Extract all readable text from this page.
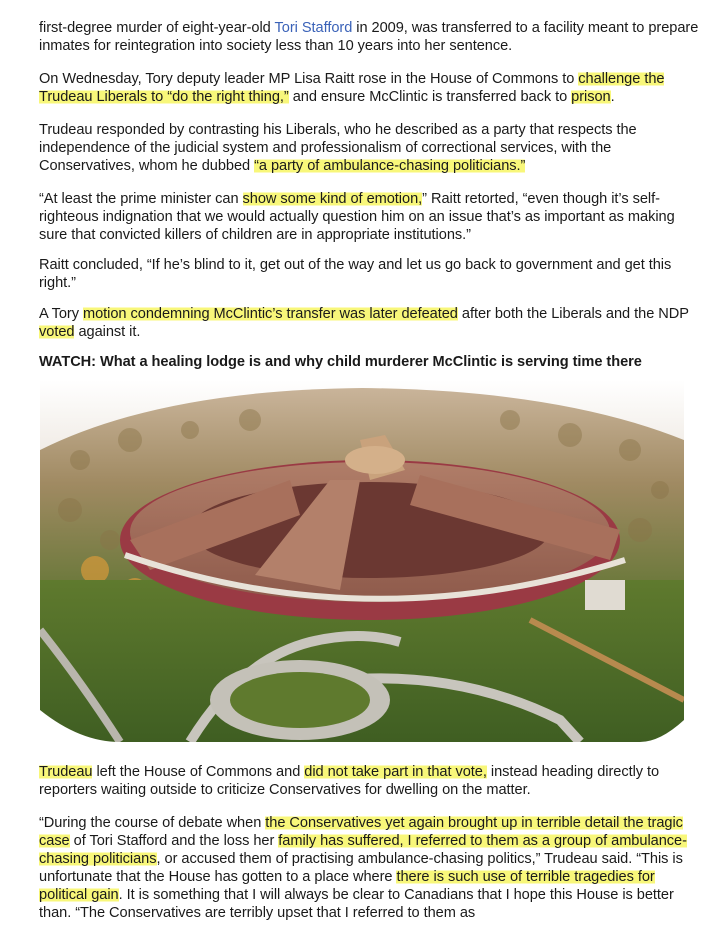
first-degree murder of eight-year-old Tori Stafford in 2009, was transferred to a facility meant to prepare inmates for reintegration into society less than 10 years into her sentence.

On Wednesday, Tory deputy leader MP Lisa Raitt rose in the House of Commons to challenge the Trudeau Liberals to “do the right thing,” and ensure McClintic is transferred back to prison.

Trudeau responded by contrasting his Liberals, who he described as a party that respects the independence of the judicial system and professionalism of correctional services, with the Conservatives, whom he dubbed “a party of ambulance-chasing politicians.”

“At least the prime minister can show some kind of emotion,” Raitt retorted, “even though it’s self-righteous indignation that we would actually question him on an issue that’s as important as making sure that convicted killers of children are in appropriate institutions.”

Raitt concluded, “If he’s blind to it, get out of the way and let us go back to government and get this right.”

A Tory motion condemning McClintic’s transfer was later defeated after both the Liberals and the NDP voted against it.

WATCH: What a healing lodge is and why child murderer McClintic is serving time there

Trudeau left the House of Commons and did not take part in that vote, instead heading directly to reporters waiting outside to criticize Conservatives for dwelling on the matter.

“During the course of debate when the Conservatives yet again brought up in terrible detail the tragic case of Tori Stafford and the loss her family has suffered, I referred to them as a group of ambulance-chasing politicians, or accused them of practising ambulance-chasing politics,” Trudeau said. “This is unfortunate that the House has gotten to a place where there is such use of terrible tragedies for political gain. It is something that I will always be clear to Canadians that I hope this House is better than. “The Conservatives are terribly upset that I referred to them as
